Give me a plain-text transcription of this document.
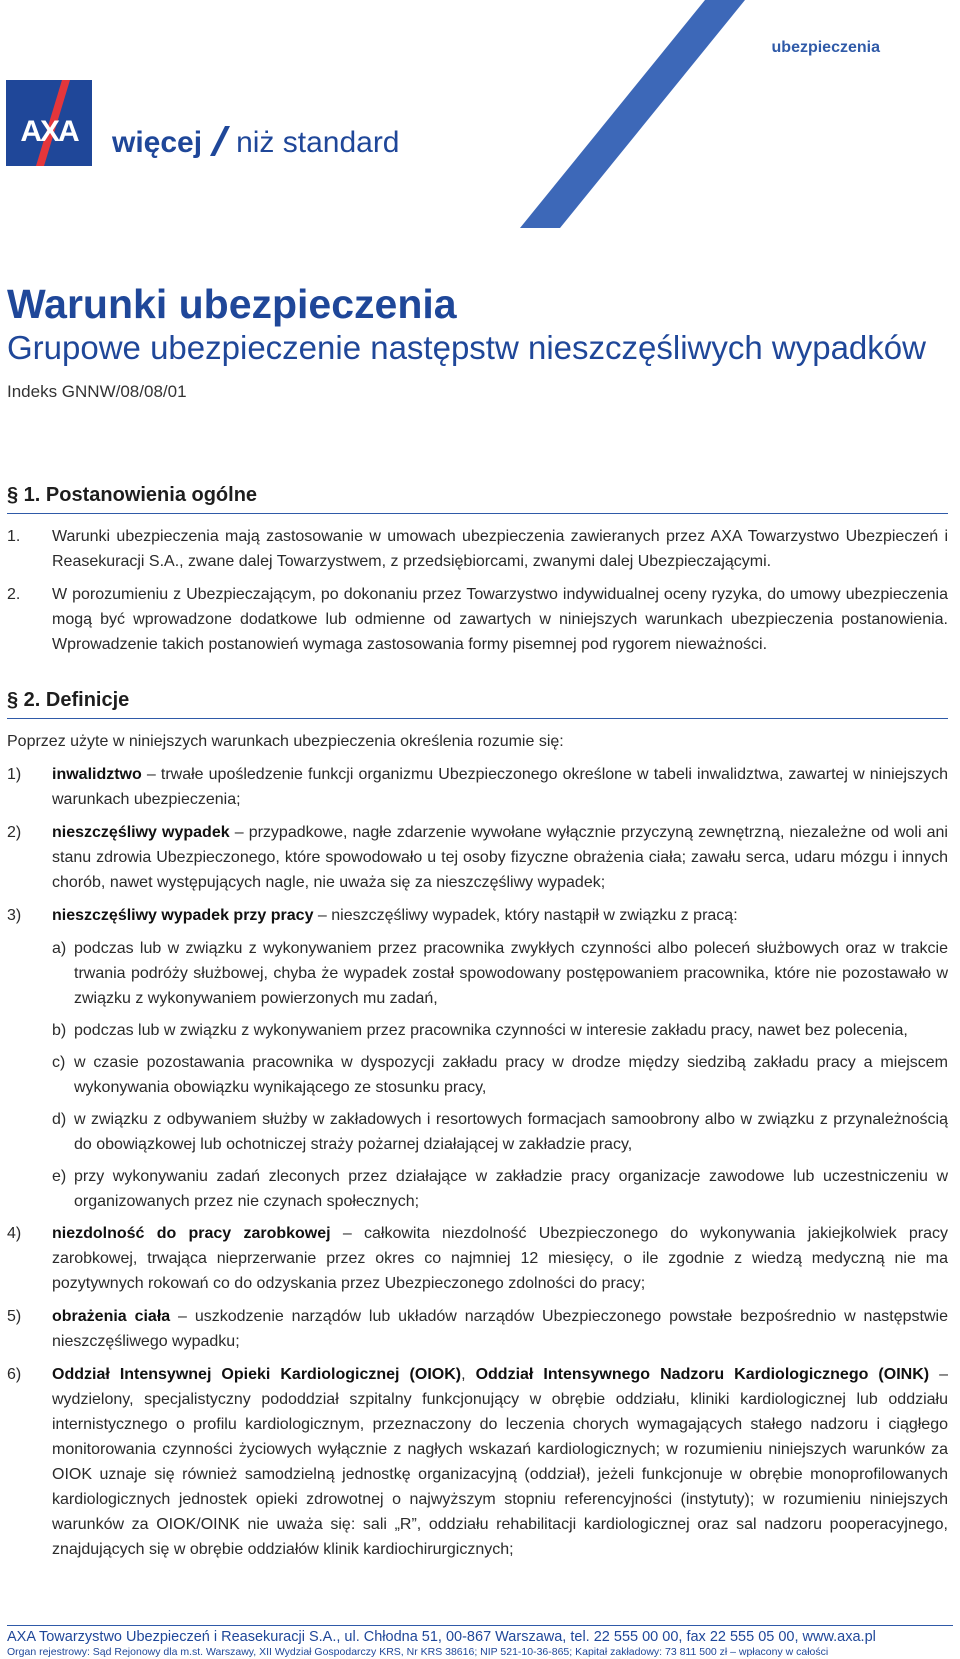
ubezpieczenia
AXA więcej niż standard
Warunki ubezpieczenia
Grupowe ubezpieczenie następstw nieszczęśliwych wypadków
Indeks GNNW/08/08/01
§ 1. Postanowienia ogólne
1.	Warunki ubezpieczenia mają zastosowanie w umowach ubezpieczenia zawieranych przez AXA Towarzystwo Ubezpieczeń i Reasekuracji S.A., zwane dalej Towarzystwem, z przedsiębiorcami, zwanymi dalej Ubezpieczającymi.
2.	W porozumieniu z Ubezpieczającym, po dokonaniu przez Towarzystwo indywidualnej oceny ryzyka, do umowy ubezpieczenia mogą być wprowadzone dodatkowe lub odmienne od zawartych w niniejszych warunkach ubezpieczenia postanowienia. Wprowadzenie takich postanowień wymaga zastosowania formy pisemnej pod rygorem nieważności.
§ 2. Definicje
Poprzez użyte w niniejszych warunkach ubezpieczenia określenia rozumie się:
1)	inwalidztwo – trwałe upośledzenie funkcji organizmu Ubezpieczonego określone w tabeli inwalidztwa, zawartej w niniejszych warunkach ubezpieczenia;
2)	nieszczęśliwy wypadek – przypadkowe, nagłe zdarzenie wywołane wyłącznie przyczyną zewnętrzną, niezależne od woli ani stanu zdrowia Ubezpieczonego, które spowodowało u tej osoby fizyczne obrażenia ciała; zawału serca, udaru mózgu i innych chorób, nawet występujących nagle, nie uważa się za nieszczęśliwy wypadek;
3)	nieszczęśliwy wypadek przy pracy – nieszczęśliwy wypadek, który nastąpił w związku z pracą:
a) podczas lub w związku z wykonywaniem przez pracownika zwykłych czynności albo poleceń służbowych oraz w trakcie trwania podróży służbowej, chyba że wypadek został spowodowany postępowaniem pracownika, które nie pozostawało w związku z wykonywaniem powierzonych mu zadań,
b) podczas lub w związku z wykonywaniem przez pracownika czynności w interesie zakładu pracy, nawet bez polecenia,
c) w czasie pozostawania pracownika w dyspozycji zakładu pracy w drodze między siedzibą zakładu pracy a miejscem wykonywania obowiązku wynikającego ze stosunku pracy,
d) w związku z odbywaniem służby w zakładowych i resortowych formacjach samoobrony albo w związku z przynależnością do obowiązkowej lub ochotniczej straży pożarnej działającej w zakładzie pracy,
e) przy wykonywaniu zadań zleconych przez działające w zakładzie pracy organizacje zawodowe lub uczestniczeniu w organizowanych przez nie czynach społecznych;
4)	niezdolność do pracy zarobkowej – całkowita niezdolność Ubezpieczonego do wykonywania jakiejkolwiek pracy zarobkowej, trwająca nieprzerwanie przez okres co najmniej 12 miesięcy, o ile zgodnie z wiedzą medyczną nie ma pozytywnych rokowań co do odzyskania przez Ubezpieczonego zdolności do pracy;
5)	obrażenia ciała – uszkodzenie narządów lub układów narządów Ubezpieczonego powstałe bezpośrednio w następstwie nieszczęśliwego wypadku;
6)	Oddział Intensywnej Opieki Kardiologicznej (OIOK), Oddział Intensywnego Nadzoru Kardiologicznego (OINK) – wydzielony, specjalistyczny pododdział szpitalny funkcjonujący w obrębie oddziału, kliniki kardiologicznej lub oddziału internistycznego o profilu kardiologicznym, przeznaczony do leczenia chorych wymagających stałego nadzoru i ciągłego monitorowania czynności życiowych wyłącznie z nagłych wskazań kardiologicznych; w rozumieniu niniejszych warunków za OIOK uznaje się również samodzielną jednostkę organizacyjną (oddział), jeżeli funkcjonuje w obrębie monoprofilowanych kardiologicznych jednostek opieki zdrowotnej o najwyższym stopniu referencyjności (instytuty); w rozumieniu niniejszych warunków za OIOK/OINK nie uważa się: sali „R”, oddziału rehabilitacji kardiologicznej oraz sal nadzoru pooperacyjnego, znajdujących się w obrębie oddziałów klinik kardiochirurgicznych;
AXA Towarzystwo Ubezpieczeń i Reasekuracji S.A., ul. Chłodna 51, 00-867 Warszawa, tel. 22 555 00 00, fax 22 555 05 00, www.axa.pl
Organ rejestrowy: Sąd Rejonowy dla m.st. Warszawy, XII Wydział Gospodarczy KRS, Nr KRS 38616; NIP 521-10-36-865; Kapitał zakładowy: 73 811 500 zł – wpłacony w całości
